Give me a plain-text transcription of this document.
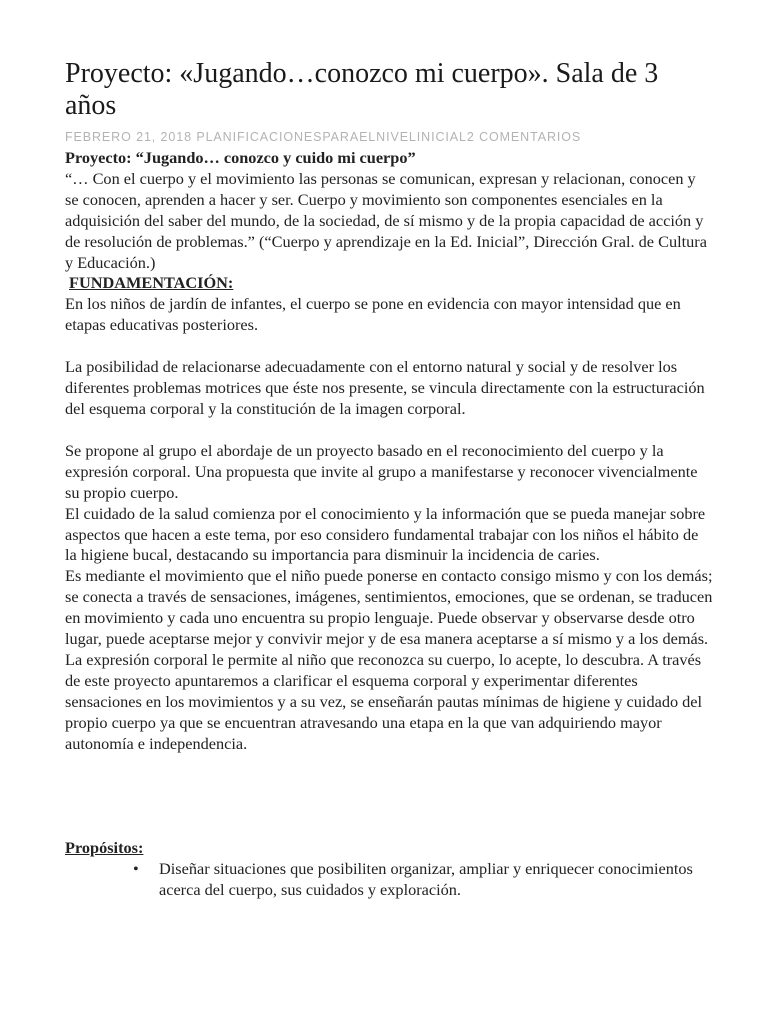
Proyecto: «Jugando…conozco mi cuerpo». Sala de 3 años
FEBRERO 21, 2018 PLANIFICACIONESPARAELNIVELINICIAL2 COMENTARIOS

Proyecto: “Jugando… conozco y cuido mi cuerpo”

“… Con el cuerpo y el movimiento las personas se comunican, expresan y relacionan, conocen y se conocen, aprenden a hacer y ser. Cuerpo y movimiento son componentes esenciales en la adquisición del saber del mundo, de la sociedad, de sí mismo y de la propia capacidad de acción y de resolución de problemas.” (“Cuerpo y aprendizaje en la Ed. Inicial”, Dirección Gral. de Cultura y Educación.)

FUNDAMENTACIÓN:

En los niños de jardín de infantes, el cuerpo se pone en evidencia con mayor intensidad que en etapas educativas posteriores.

La posibilidad de relacionarse adecuadamente con el entorno natural y social y de resolver los diferentes problemas motrices que éste nos presente, se vincula directamente con la estructuración del esquema corporal y la constitución de la imagen corporal.

Se propone al grupo el abordaje de un proyecto basado en el reconocimiento del cuerpo y la expresión corporal. Una propuesta que invite al grupo a manifestarse y reconocer vivencialmente su propio cuerpo.

El cuidado de la salud comienza por el conocimiento y la información que se pueda manejar sobre aspectos que hacen a este tema, por eso considero fundamental trabajar con los niños el hábito de la higiene bucal, destacando su importancia para disminuir la incidencia de caries.

Es mediante el movimiento que el niño puede ponerse en contacto consigo mismo y con los demás; se conecta a través de sensaciones, imágenes, sentimientos, emociones, que se ordenan, se traducen en movimiento y cada uno encuentra su propio lenguaje. Puede observar y observarse desde otro lugar, puede aceptarse mejor y convivir mejor y de esa manera aceptarse a sí mismo y a los demás.

La expresión corporal le permite al niño que reconozca su cuerpo, lo acepte, lo descubra. A través de este proyecto apuntaremos a clarificar el esquema corporal y experimentar diferentes sensaciones en los movimientos y a su vez, se enseñarán pautas mínimas de higiene y cuidado del propio cuerpo ya que se encuentran atravesando una etapa en la que van adquiriendo mayor autonomía e independencia.

Propósitos:

• Diseñar situaciones que posibiliten organizar, ampliar y enriquecer conocimientos acerca del cuerpo, sus cuidados y exploración.
